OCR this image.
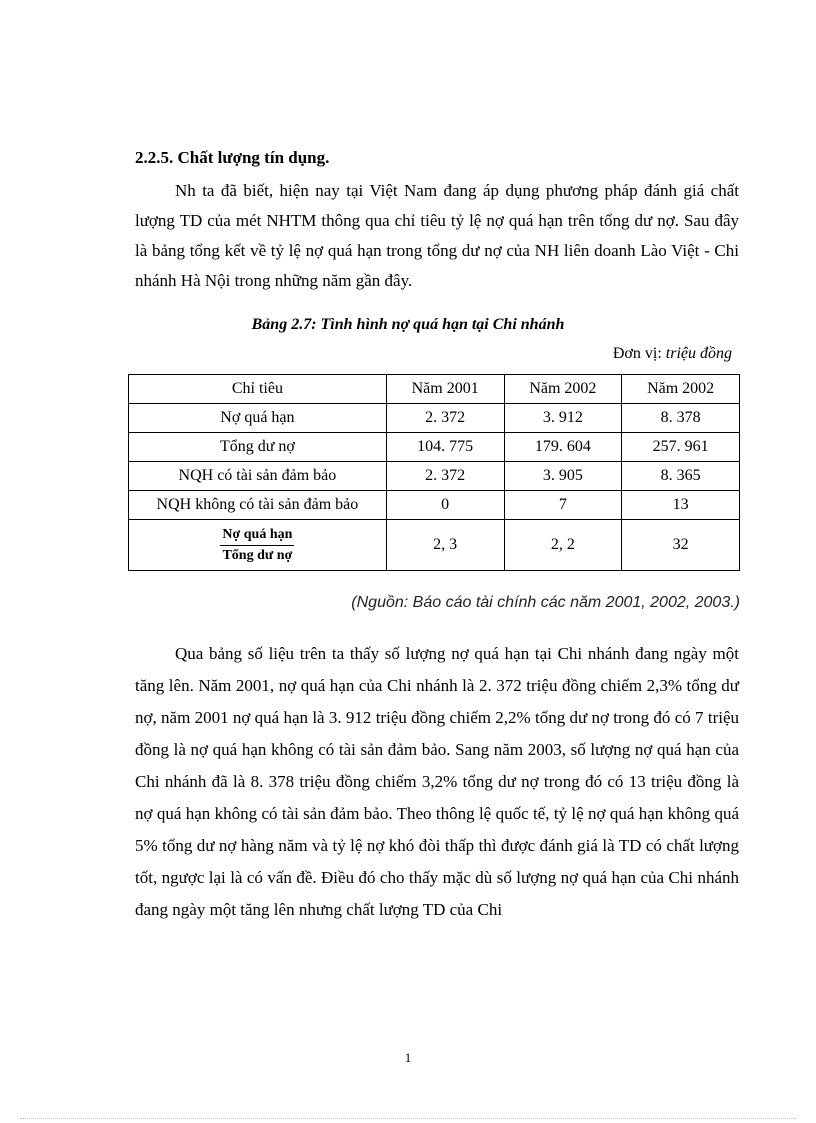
2.2.5. Chất lượng tín dụng.

Nh ta đã biết, hiện nay tại Việt Nam đang áp dụng phương pháp đánh giá chất lượng TD của mét NHTM thông qua chỉ tiêu tỷ lệ nợ quá hạn trên tổng dư nợ. Sau đây là bảng tổng kết về tỷ lệ nợ quá hạn trong tổng dư nợ của NH liên doanh Lào Việt - Chi nhánh Hà Nội trong những năm gần đây.

Bảng 2.7: Tình hình nợ quá hạn tại Chi nhánh
Đơn vị: triệu đồng
Chỉ tiêu	Năm 2001	Năm 2002	Năm 2002
Nợ quá hạn	2. 372	3. 912	8. 378
Tổng dư nợ	104. 775	179. 604	257. 961
NQH có tài sản đảm bảo	2. 372	3. 905	8. 365
NQH không có tài sản đảm bảo	0	7	13

$\frac{\text{Nợ quá hạn}}{\text{Tổng dư nợ}}$	2, 3	2, 2	32
(Nguồn: Báo cáo tài chính các năm 2001, 2002, 2003.)

Qua bảng số liệu trên ta thấy số lượng nợ quá hạn tại Chi nhánh đang ngày một tăng lên. Năm 2001, nợ quá hạn của Chi nhánh là 2. 372 triệu đồng chiếm 2,3% tổng dư nợ, năm 2001 nợ quá hạn là 3. 912 triệu đồng chiếm 2,2% tổng dư nợ trong đó có 7 triệu đồng là nợ quá hạn không có tài sản đảm bảo. Sang năm 2003, số lượng nợ quá hạn của Chi nhánh đã là 8. 378 triệu đồng chiếm 3,2% tổng dư nợ trong đó có 13 triệu đồng là nợ quá hạn không có tài sản đảm bảo. Theo thông lệ quốc tế, tỷ lệ nợ quá hạn không quá 5% tổng dư nợ hàng năm và tỷ lệ nợ khó đòi thấp thì được đánh giá là TD có chất lượng tốt, ngược lại là có vấn đề. Điều đó cho thấy mặc dù số lượng nợ quá hạn của Chi nhánh đang ngày một tăng lên nhưng chất lượng TD của Chi

1
